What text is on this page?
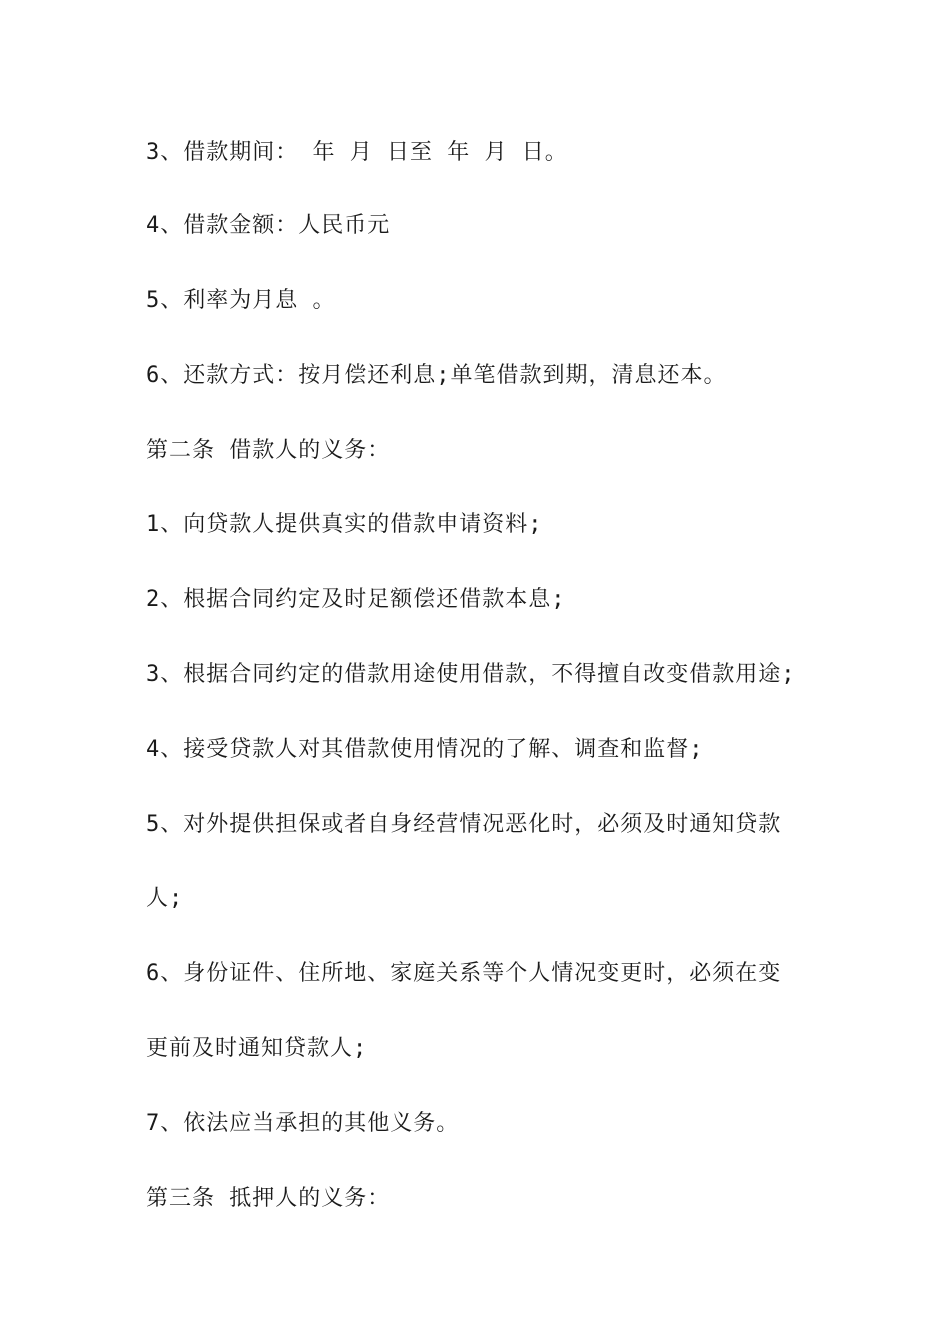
3、借款期间： 年 月 日至 年 月 日。
4、借款金额：人民币元
5、利率为月息 。
6、还款方式：按月偿还利息;单笔借款到期，清息还本。
第二条 借款人的义务：
1、向贷款人提供真实的借款申请资料;
2、根据合同约定及时足额偿还借款本息;
3、根据合同约定的借款用途使用借款，不得擅自改变借款用途;
4、接受贷款人对其借款使用情况的了解、调查和监督;
5、对外提供担保或者自身经营情况恶化时，必须及时通知贷款
人;
6、身份证件、住所地、家庭关系等个人情况变更时，必须在变
更前及时通知贷款人;
7、依法应当承担的其他义务。
第三条 抵押人的义务：
